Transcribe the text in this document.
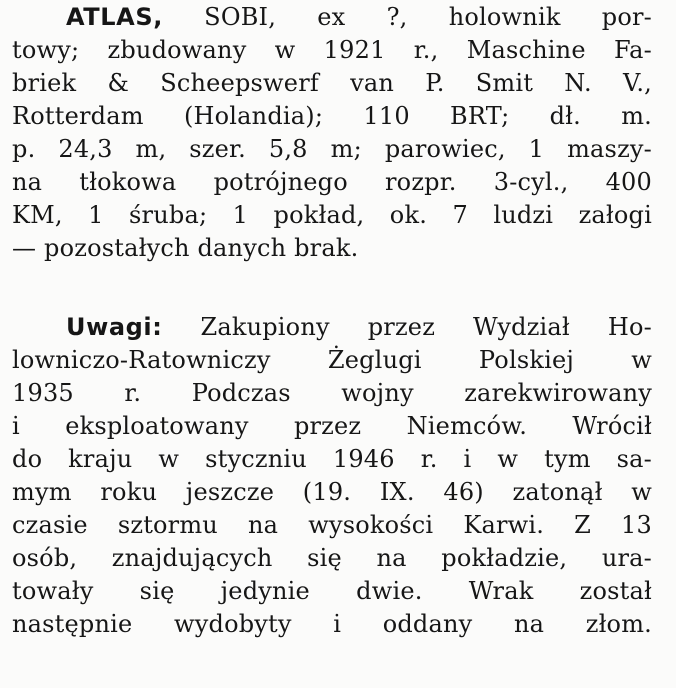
ATLAS, SOBI, ex ?, holownik por-
towy; zbudowany w 1921 r., Maschine Fa-
briek & Scheepswerf van P. Smit N. V.,
Rotterdam (Holandia); 110 BRT; dł. m.
p. 24,3 m, szer. 5,8 m; parowiec, 1 maszy-
na tłokowa potrójnego rozpr. 3-cyl., 400
KM, 1 śruba; 1 pokład, ok. 7 ludzi załogi
— pozostałych danych brak.
Uwagi: Zakupiony przez Wydział Ho-
lowniczo-Ratowniczy Żeglugi Polskiej w
1935 r. Podczas wojny zarekwirowany
i eksploatowany przez Niemców. Wrócił
do kraju w styczniu 1946 r. i w tym sa-
mym roku jeszcze (19. IX. 46) zatonął w
czasie sztormu na wysokości Karwi. Z 13
osób, znajdujących się na pokładzie, ura-
towały się jedynie dwie. Wrak został
następnie wydobyty i oddany na złom.
